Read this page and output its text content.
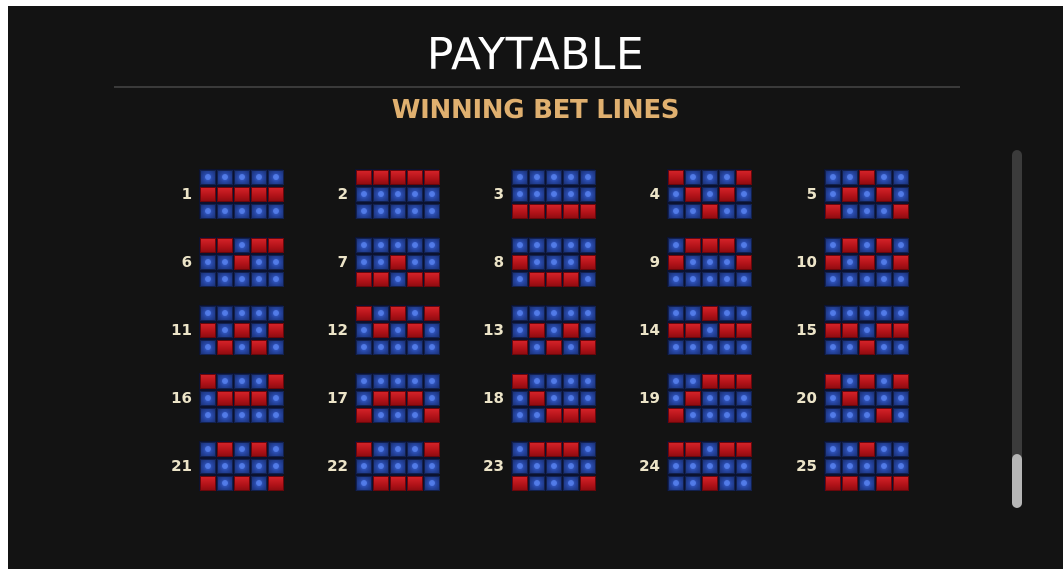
PAYTABLE
WINNING BET LINES
1	2	3	4	5
6	7	8	9	10
11	12	13	14	15
16	17	18	19	20
21	22	23	24	25
